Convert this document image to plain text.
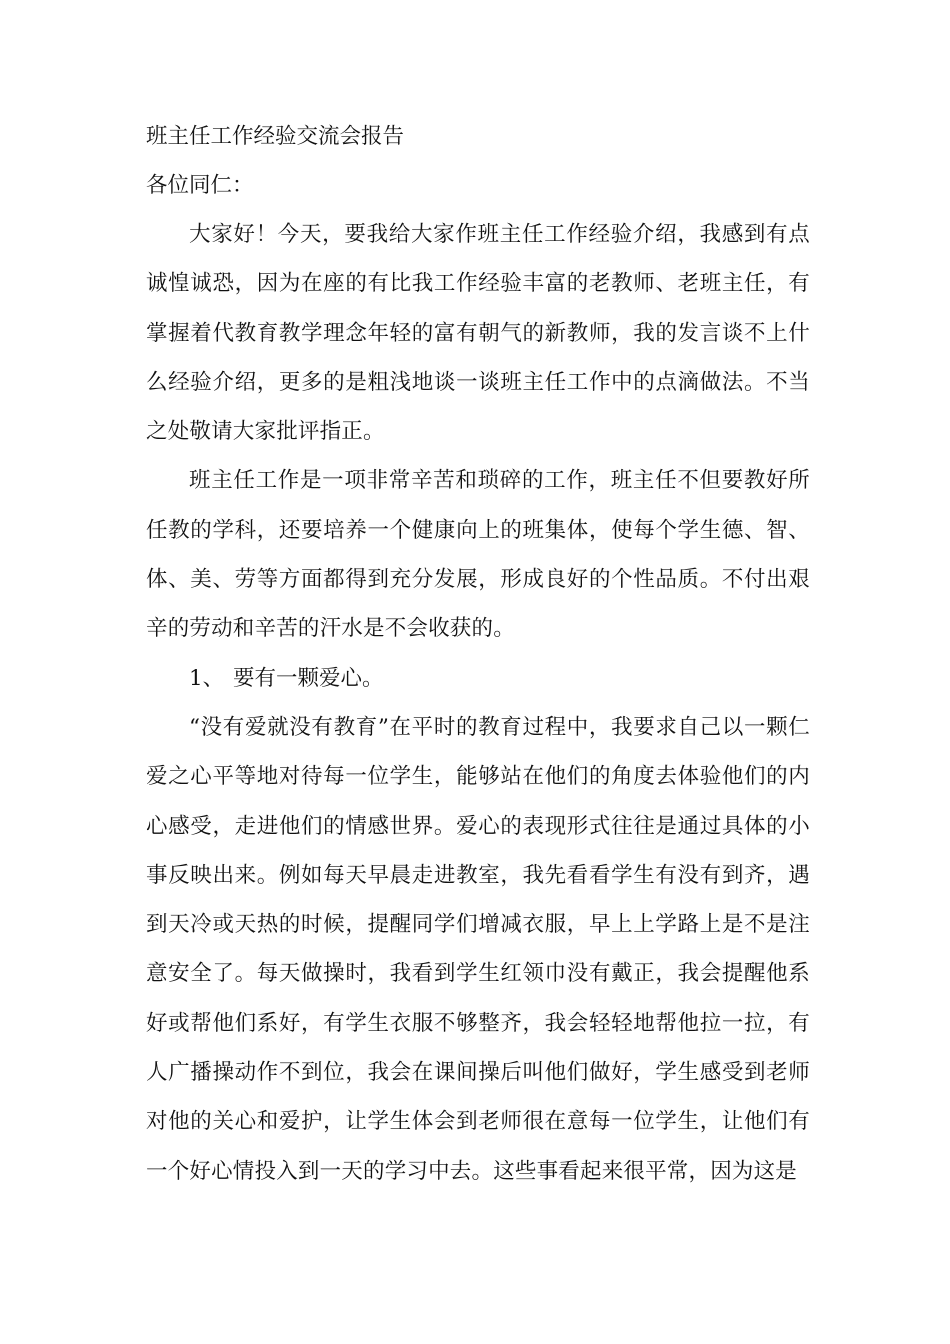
班主任工作经验交流会报告
各位同仁：

大家好！今天，要我给大家作班主任工作经验介绍，我感到有点诚惶诚恐，因为在座的有比我工作经验丰富的老教师、老班主任，有掌握着代教育教学理念年轻的富有朝气的新教师，我的发言谈不上什么经验介绍，更多的是粗浅地谈一谈班主任工作中的点滴做法。不当之处敬请大家批评指正。

班主任工作是一项非常辛苦和琐碎的工作，班主任不但要教好所任教的学科，还要培养一个健康向上的班集体，使每个学生德、智、体、美、劳等方面都得到充分发展，形成良好的个性品质。不付出艰辛的劳动和辛苦的汗水是不会收获的。

1、 要有一颗爱心。

“没有爱就没有教育”在平时的教育过程中，我要求自己以一颗仁爱之心平等地对待每一位学生，能够站在他们的角度去体验他们的内心感受，走进他们的情感世界。爱心的表现形式往往是通过具体的小事反映出来。例如每天早晨走进教室，我先看看学生有没有到齐，遇到天冷或天热的时候，提醒同学们增减衣服，早上上学路上是不是注意安全了。每天做操时，我看到学生红领巾没有戴正，我会提醒他系好或帮他们系好，有学生衣服不够整齐，我会轻轻地帮他拉一拉，有人广播操动作不到位，我会在课间操后叫他们做好，学生感受到老师对他的关心和爱护，让学生体会到老师很在意每一位学生，让他们有一个好心情投入到一天的学习中去。这些事看起来很平常，因为这是
